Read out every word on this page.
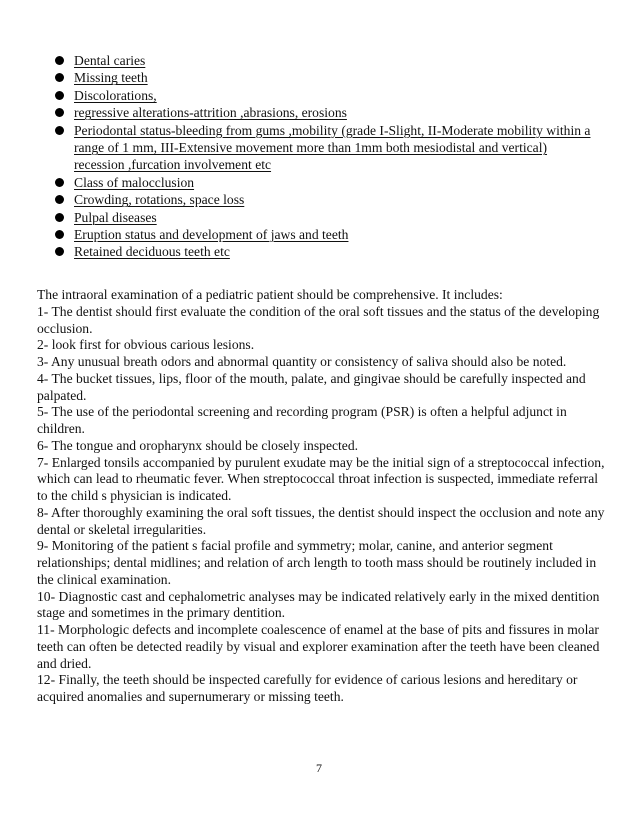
Dental caries
Missing teeth
Discolorations,
regressive alterations-attrition ,abrasions, erosions
Periodontal status-bleeding from gums ,mobility (grade I-Slight, II-Moderate mobility within a range of 1 mm, III-Extensive movement more than 1mm both mesiodistal and vertical) recession ,furcation involvement etc
Class of malocclusion
Crowding, rotations, space loss
Pulpal diseases
Eruption status and development of jaws and teeth
Retained deciduous teeth etc

The intraoral examination of a pediatric patient should be comprehensive. It includes:

1- The dentist should first evaluate the condition of the oral soft tissues and the status of the developing occlusion.

2- look first for obvious carious lesions.

3- Any unusual breath odors and abnormal quantity or consistency of saliva should also be noted.

4- The bucket tissues, lips, floor of the mouth, palate, and gingivae should be carefully inspected and palpated.

5- The use of the periodontal screening and recording program (PSR) is often a helpful adjunct in children.

6- The tongue and oropharynx should be closely inspected.

7- Enlarged tonsils accompanied by purulent exudate may be the initial sign of a streptococcal infection, which can lead to rheumatic fever. When streptococcal throat infection is suspected, immediate referral to the child s physician is indicated.

8- After thoroughly examining the oral soft tissues, the dentist should inspect the occlusion and note any dental or skeletal irregularities.

9- Monitoring of the patient s facial profile and symmetry; molar, canine, and anterior segment relationships; dental midlines; and relation of arch length to tooth mass should be routinely included in the clinical examination.

10- Diagnostic cast and cephalometric analyses may be indicated relatively early in the mixed dentition stage and sometimes in the primary dentition.

11- Morphologic defects and incomplete coalescence of enamel at the base of pits and fissures in molar teeth can often be detected readily by visual and explorer examination after the teeth have been cleaned and dried.

12- Finally, the teeth should be inspected carefully for evidence of carious lesions and hereditary or acquired anomalies and supernumerary or missing teeth.

7
